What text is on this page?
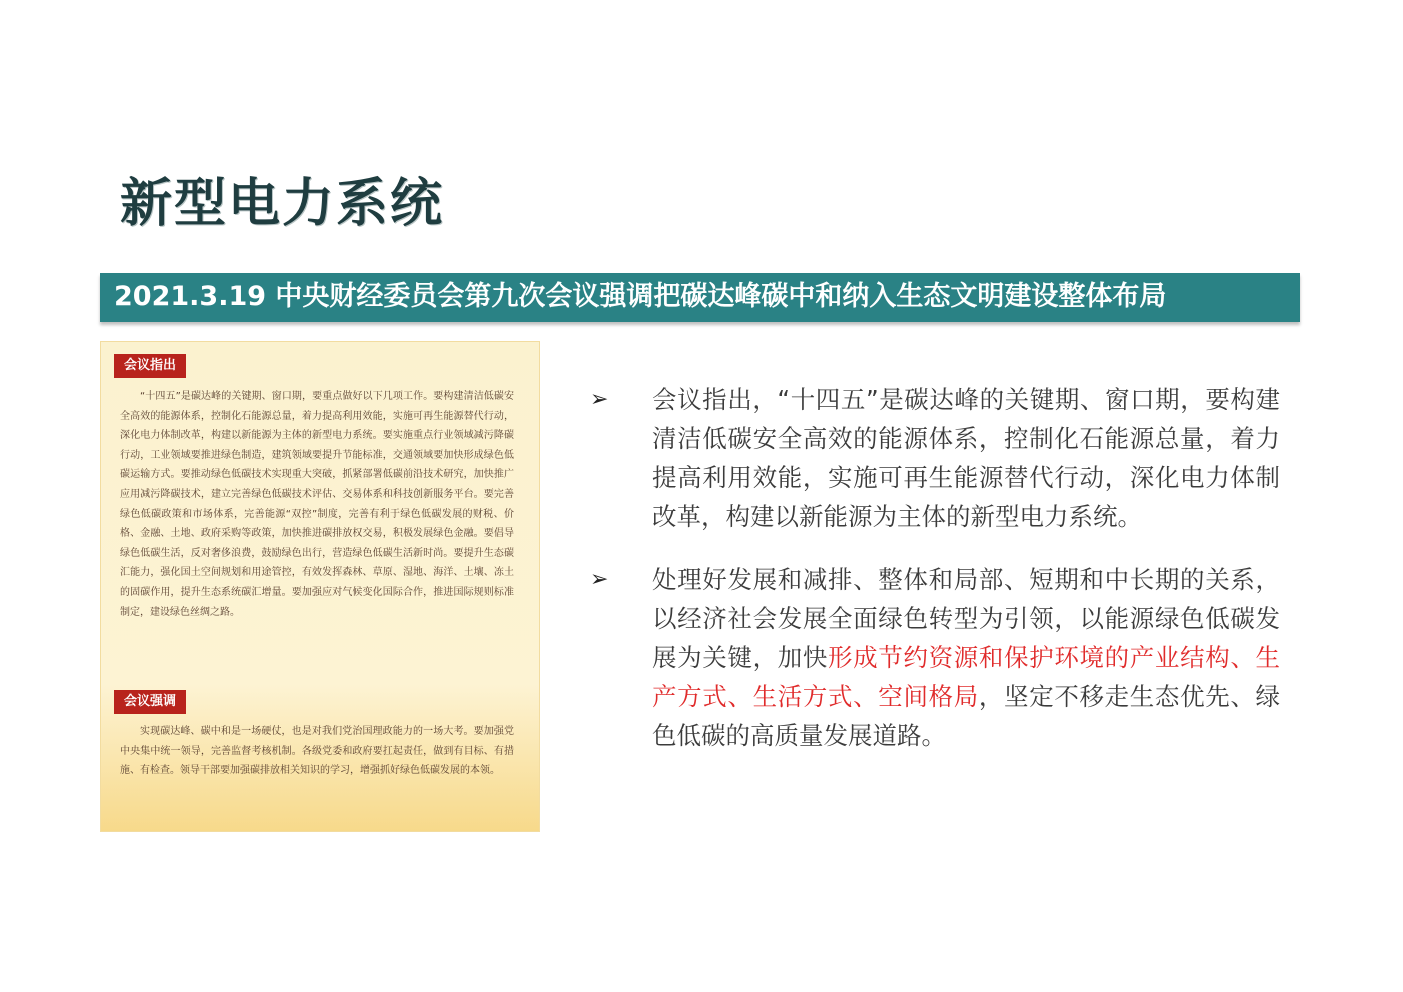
新型电力系统
2021.3.19 中央财经委员会第九次会议强调把碳达峰碳中和纳入生态文明建设整体布局
会议指出
“十四五”是碳达峰的关键期、窗口期，要重点做好以下几项工作。要构建清洁低碳安全高效的能源体系，控制化石能源总量，着力提高利用效能，实施可再生能源替代行动，深化电力体制改革，构建以新能源为主体的新型电力系统。要实施重点行业领域减污降碳行动，工业领域要推进绿色制造，建筑领域要提升节能标准，交通领域要加快形成绿色低碳运输方式。要推动绿色低碳技术实现重大突破，抓紧部署低碳前沿技术研究，加快推广应用减污降碳技术，建立完善绿色低碳技术评估、交易体系和科技创新服务平台。要完善绿色低碳政策和市场体系，完善能源“双控”制度，完善有利于绿色低碳发展的财税、价格、金融、土地、政府采购等政策，加快推进碳排放权交易，积极发展绿色金融。要倡导绿色低碳生活，反对奢侈浪费，鼓励绿色出行，营造绿色低碳生活新时尚。要提升生态碳汇能力，强化国土空间规划和用途管控，有效发挥森林、草原、湿地、海洋、土壤、冻土的固碳作用，提升生态系统碳汇增量。要加强应对气候变化国际合作，推进国际规则标准制定，建设绿色丝绸之路。
会议强调
实现碳达峰、碳中和是一场硬仗，也是对我们党治国理政能力的一场大考。要加强党中央集中统一领导，完善监督考核机制。各级党委和政府要扛起责任，做到有目标、有措施、有检查。领导干部要加强碳排放相关知识的学习，增强抓好绿色低碳发展的本领。
➢ 会议指出，“十四五”是碳达峰的关键期、窗口期，要构建清洁低碳安全高效的能源体系，控制化石能源总量，着力提高利用效能，实施可再生能源替代行动，深化电力体制改革，构建以新能源为主体的新型电力系统。
➢ 处理好发展和减排、整体和局部、短期和中长期的关系，以经济社会发展全面绿色转型为引领，以能源绿色低碳发展为关键，加快形成节约资源和保护环境的产业结构、生产方式、生活方式、空间格局，坚定不移走生态优先、绿色低碳的高质量发展道路。
